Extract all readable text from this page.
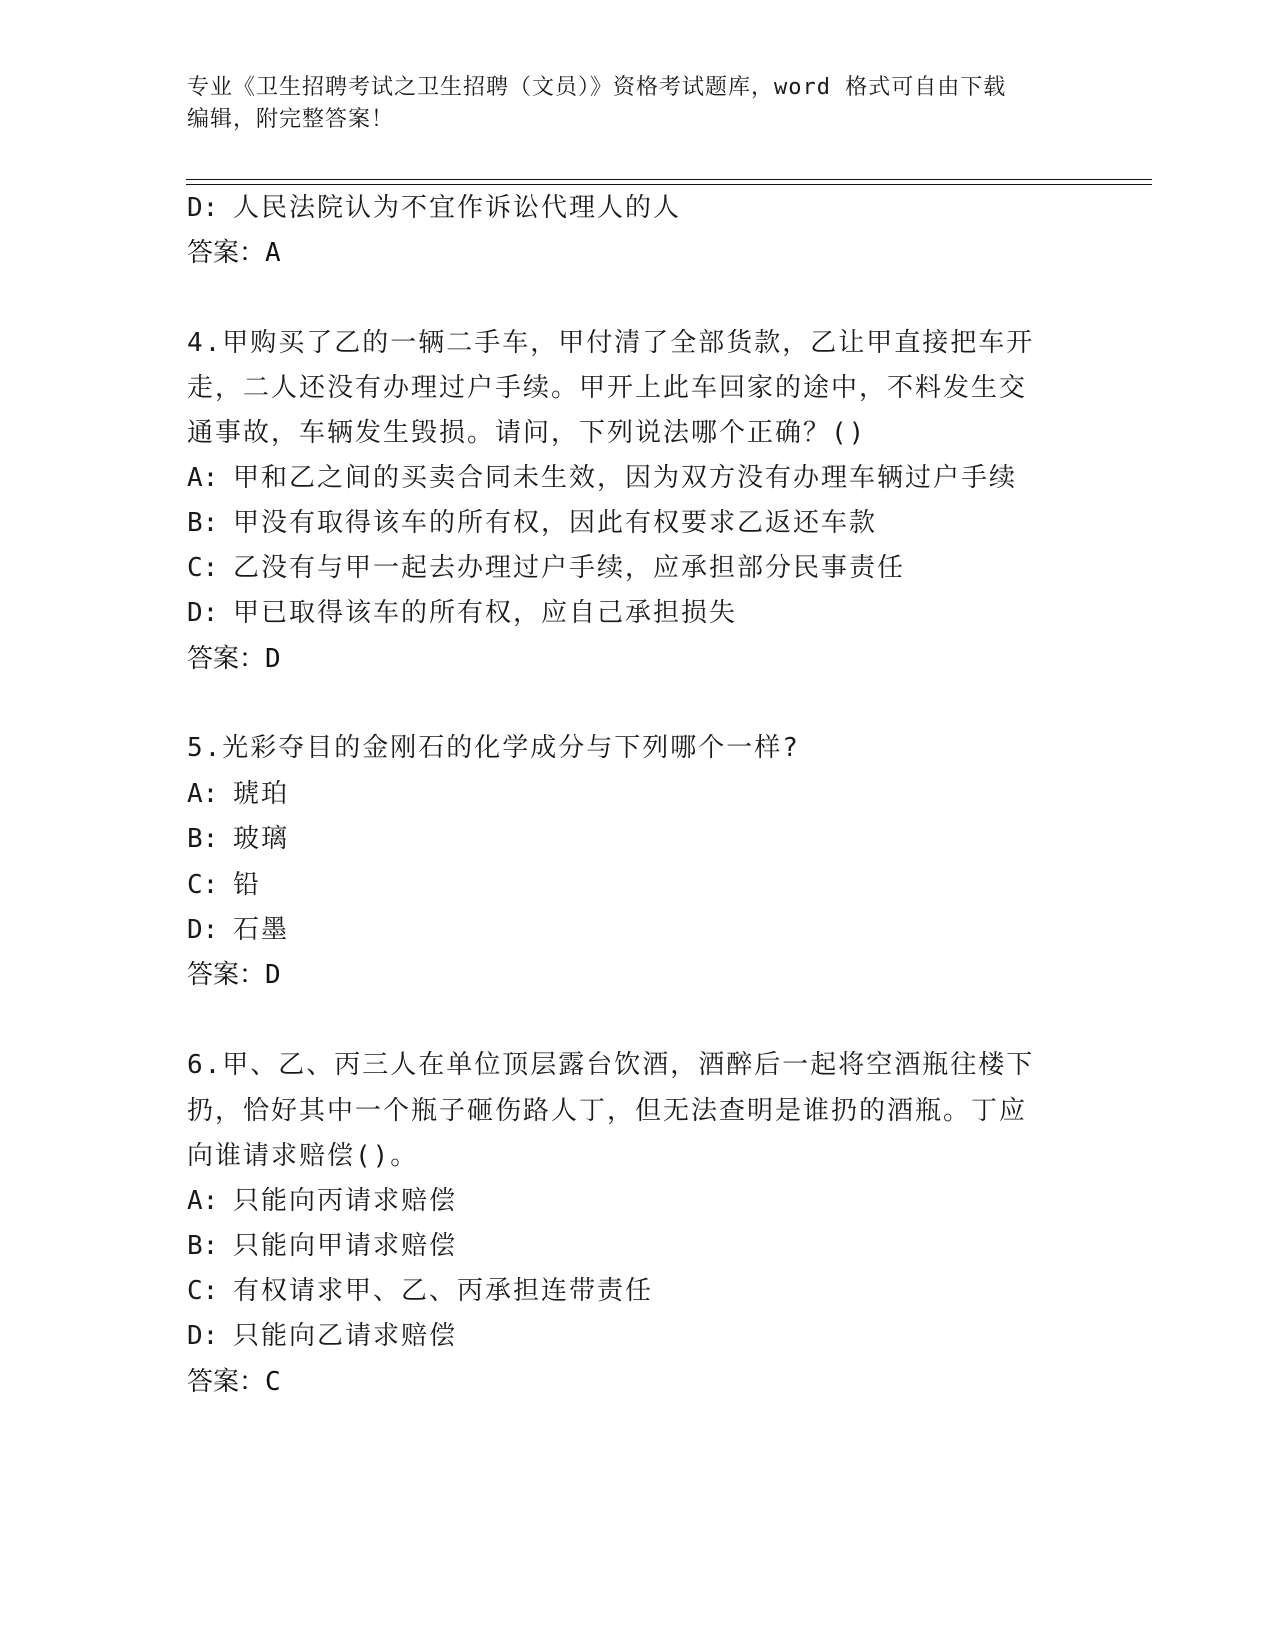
专业《卫生招聘考试之卫生招聘（文员）》资格考试题库，word 格式可自由下载
编辑，附完整答案！
D: 人民法院认为不宜作诉讼代理人的人
答案：A
4.甲购买了乙的一辆二手车，甲付清了全部货款，乙让甲直接把车开
走，二人还没有办理过户手续。甲开上此车回家的途中，不料发生交
通事故，车辆发生毁损。请问，下列说法哪个正确？()
A: 甲和乙之间的买卖合同未生效，因为双方没有办理车辆过户手续
B: 甲没有取得该车的所有权，因此有权要求乙返还车款
C: 乙没有与甲一起去办理过户手续，应承担部分民事责任
D: 甲已取得该车的所有权，应自己承担损失
答案：D
5.光彩夺目的金刚石的化学成分与下列哪个一样?
A: 琥珀
B: 玻璃
C: 铅
D: 石墨
答案：D
6.甲、乙、丙三人在单位顶层露台饮酒，酒醉后一起将空酒瓶往楼下
扔，恰好其中一个瓶子砸伤路人丁，但无法查明是谁扔的酒瓶。丁应
向谁请求赔偿()。
A: 只能向丙请求赔偿
B: 只能向甲请求赔偿
C: 有权请求甲、乙、丙承担连带责任
D: 只能向乙请求赔偿
答案：C
